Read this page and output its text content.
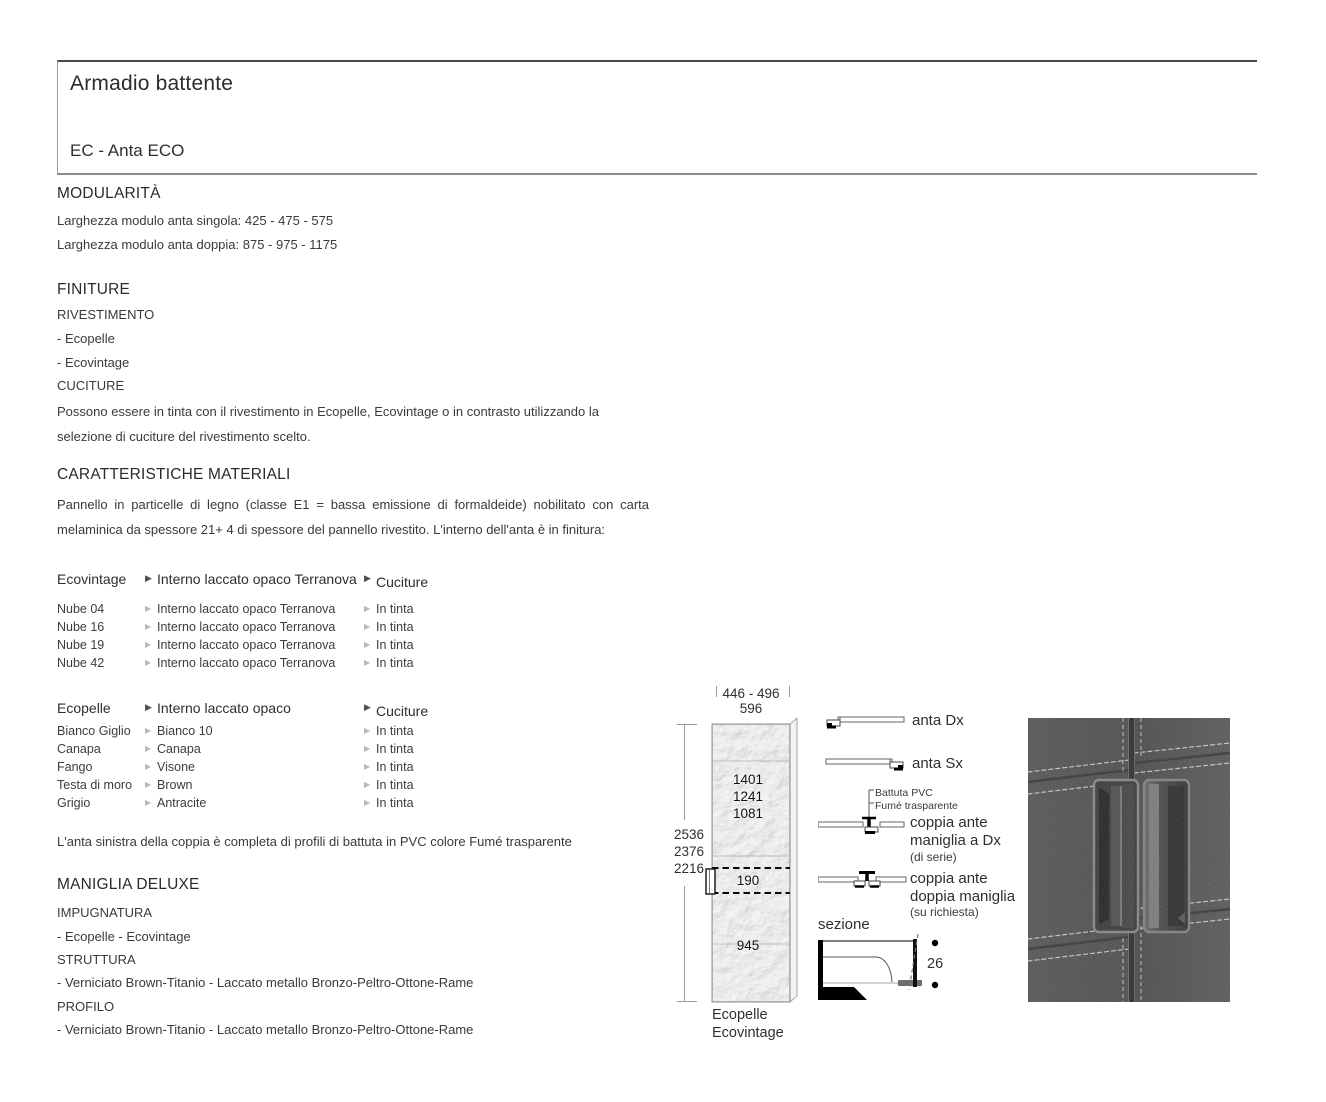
Armadio battente
EC - Anta ECO
MODULARITÀ
Larghezza modulo anta singola: 425 - 475 - 575
Larghezza modulo anta doppia: 875 - 975 - 1175
FINITURE
RIVESTIMENTO
- Ecopelle
- Ecovintage
CUCITURE
Possono essere in tinta con il rivestimento in Ecopelle, Ecovintage o in contrasto utilizzando la selezione di cuciture del rivestimento scelto.
CARATTERISTICHE MATERIALI
Pannello in particelle di legno (classe E1 = bassa emissione di formaldeide) nobilitato con carta melaminica da spessore 21+ 4 di spessore del pannello rivestito. L'interno dell'anta è in finitura:
Ecovintage ▶ Interno laccato opaco Terranova ▶ Cuciture
Nube 04	▶ Interno laccato opaco Terranova	▶ In tinta
Nube 16	▶ Interno laccato opaco Terranova	▶ In tinta
Nube 19	▶ Interno laccato opaco Terranova	▶ In tinta
Nube 42	▶ Interno laccato opaco Terranova	▶ In tinta
Ecopelle	▶ Interno laccato opaco	▶ Cuciture
Bianco Giglio ▶ Bianco 10	▶ In tinta
Canapa	▶ Canapa	▶ In tinta
Fango	▶ Visone	▶ In tinta
Testa di moro ▶ Brown	▶ In tinta
Grigio	▶ Antracite	▶ In tinta
L'anta sinistra della coppia è completa di profili di battuta in PVC colore Fumé trasparente
MANIGLIA DELUXE
IMPUGNATURA
- Ecopelle - Ecovintage
STRUTTURA
- Verniciato Brown-Titanio - Laccato metallo Bronzo-Peltro-Ottone-Rame
PROFILO
- Verniciato Brown-Titanio - Laccato metallo Bronzo-Peltro-Ottone-Rame
446 - 496
596
2536
2376
2216
1401
1241
1081
190
945
Ecopelle
Ecovintage
anta Dx
anta Sx
Battuta PVC
Fumé trasparente
coppia ante
maniglia a Dx
(di serie)
coppia ante
doppia maniglia
(su richiesta)
sezione
26
